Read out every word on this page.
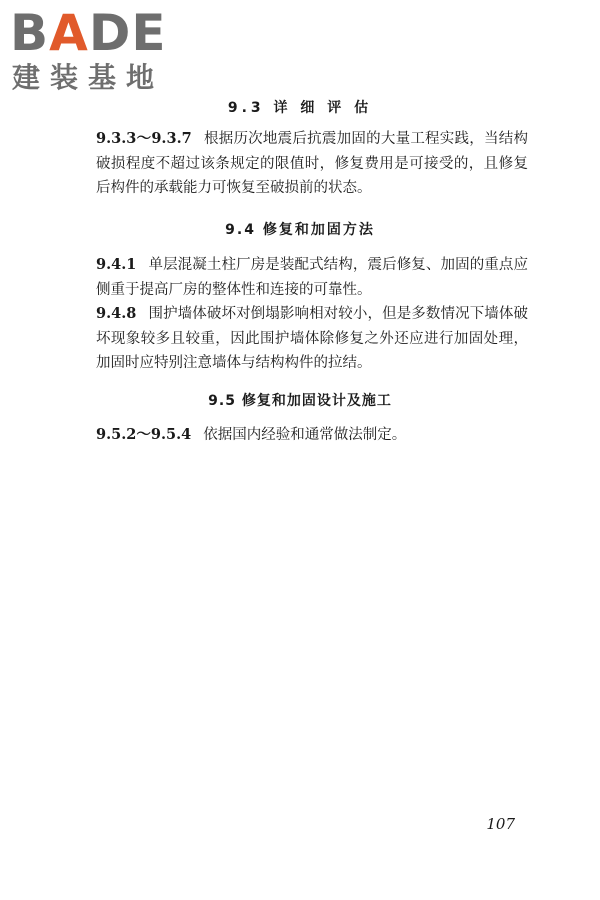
BADE
建装基地
9.3 详 细 评 估

9.3.3～9.3.7 根据历次地震后抗震加固的大量工程实践，当结构破损程度不超过该条规定的限值时，修复费用是可接受的，且修复后构件的承载能力可恢复至破损前的状态。

9.4 修复和加固方法

9.4.1 单层混凝土柱厂房是装配式结构，震后修复、加固的重点应侧重于提高厂房的整体性和连接的可靠性。

9.4.8 围护墙体破坏对倒塌影响相对较小，但是多数情况下墙体破坏现象较多且较重，因此围护墙体除修复之外还应进行加固处理，加固时应特别注意墙体与结构构件的拉结。

9.5 修复和加固设计及施工

9.5.2～9.5.4 依据国内经验和通常做法制定。

107
